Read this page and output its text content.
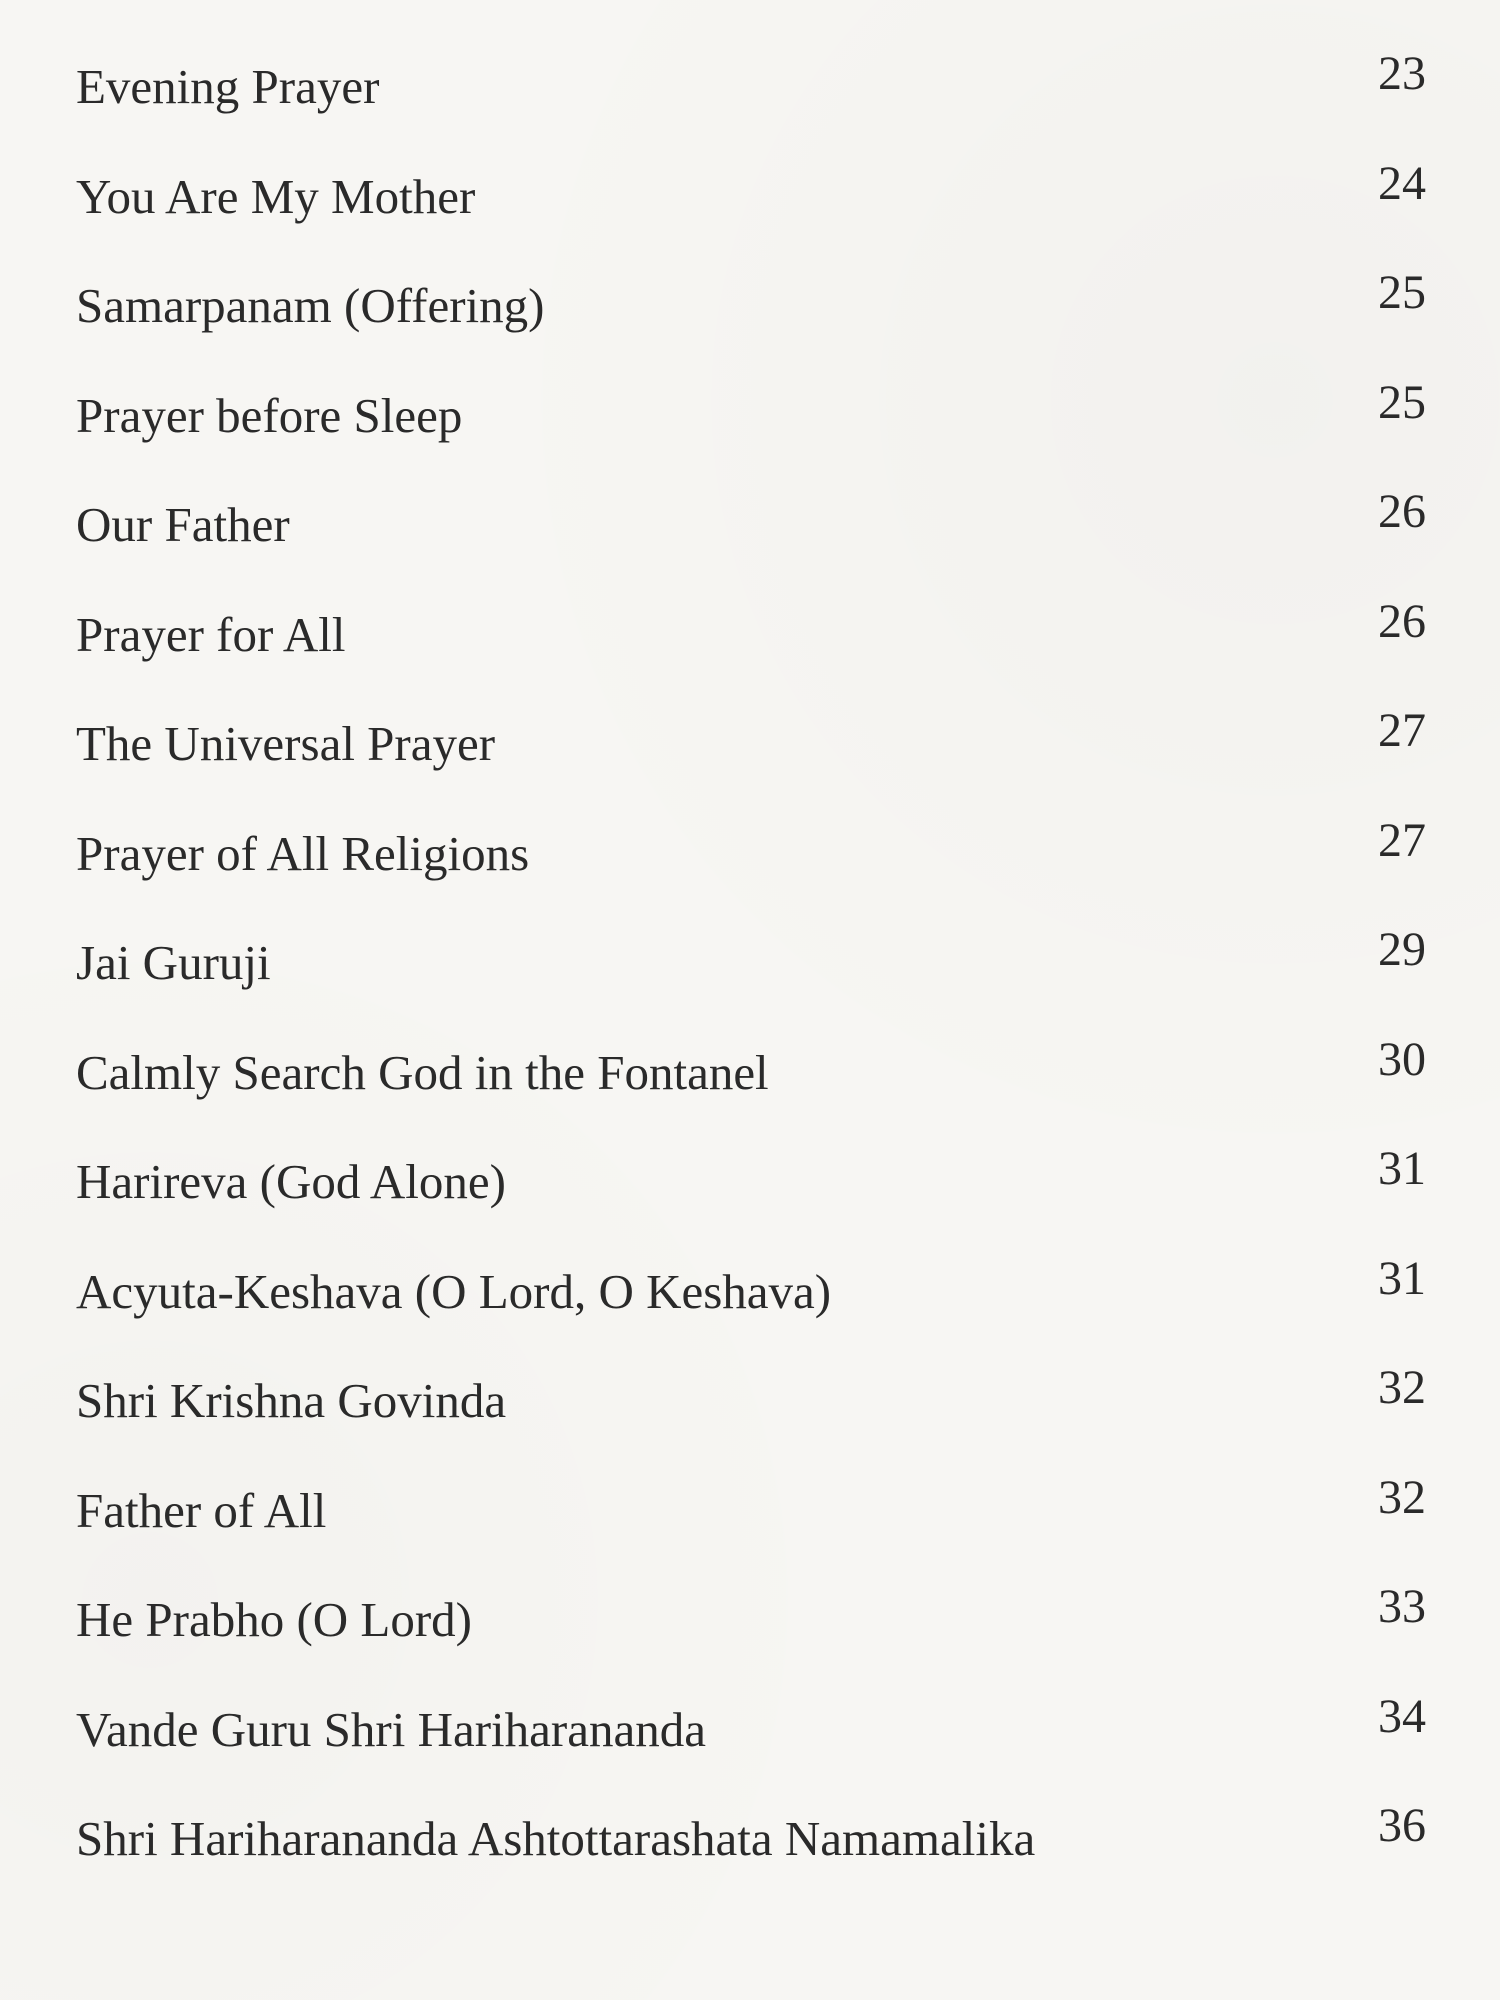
Evening Prayer	23
You Are My Mother	24
Samarpanam (Offering)	25
Prayer before Sleep	25
Our Father	26
Prayer for All	26
The Universal Prayer	27
Prayer of All Religions	27
Jai Guruji	29
Calmly Search God in the Fontanel	30
Harireva (God Alone)	31
Acyuta-Keshava (O Lord, O Keshava)	31
Shri Krishna Govinda	32
Father of All	32
He Prabho (O Lord)	33
Vande Guru Shri Hariharananda	34
Shri Hariharananda Ashtottarashata Namamalika	36
